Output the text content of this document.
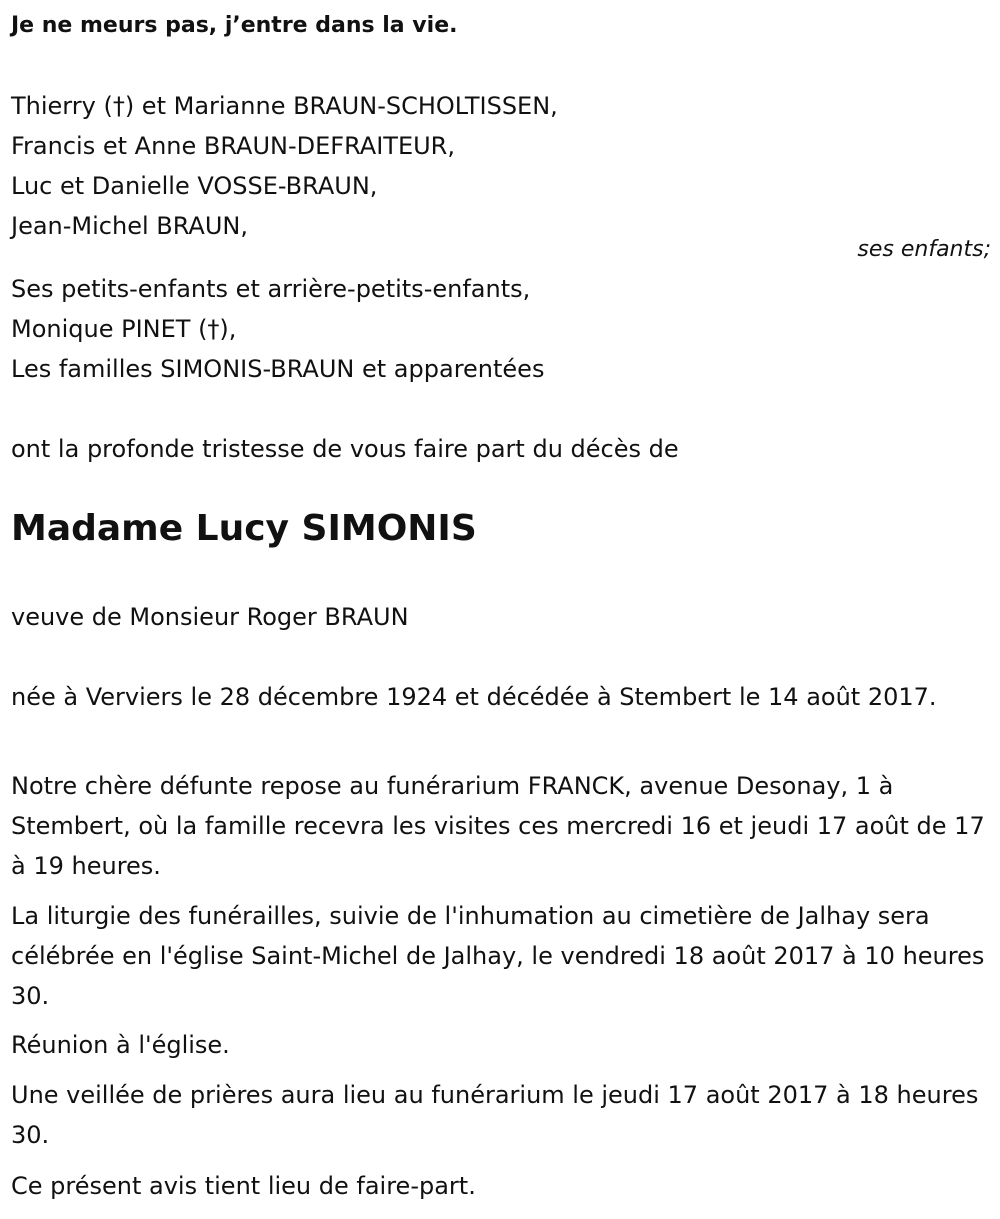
Je ne meurs pas, j’entre dans la vie.
Thierry (†) et Marianne BRAUN-SCHOLTISSEN,
Francis et Anne BRAUN-DEFRAITEUR,
Luc et Danielle VOSSE-BRAUN,
Jean-Michel BRAUN,
ses enfants;
Ses petits-enfants et arrière-petits-enfants,
Monique PINET (†),
Les familles SIMONIS-BRAUN et apparentées
ont la profonde tristesse de vous faire part du décès de
Madame Lucy SIMONIS
veuve de Monsieur Roger BRAUN
née à Verviers le 28 décembre 1924 et décédée à Stembert le 14 août 2017.
Notre chère défunte repose au funérarium FRANCK, avenue Desonay, 1 à Stembert, où la famille recevra les visites ces mercredi 16 et jeudi 17 août de 17 à 19 heures.
La liturgie des funérailles, suivie de l'inhumation au cimetière de Jalhay sera célébrée en l'église Saint-Michel de Jalhay, le vendredi 18 août 2017 à 10 heures 30.
Réunion à l'église.
Une veillée de prières aura lieu au funérarium le jeudi 17 août 2017 à 18 heures 30.
Ce présent avis tient lieu de faire-part.
